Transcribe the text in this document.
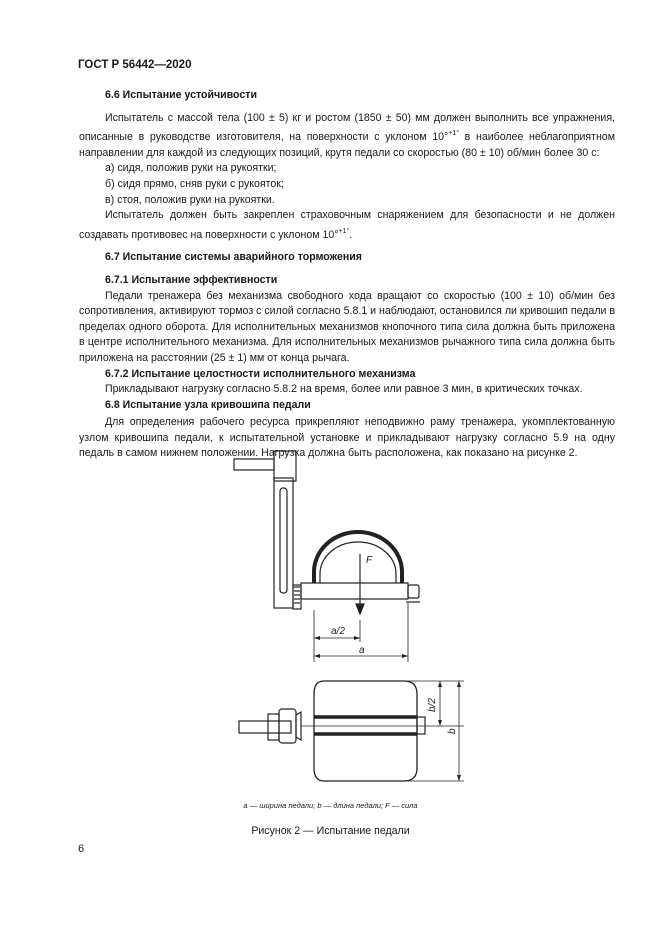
ГОСТ Р 56442—2020
6.6 Испытание устойчивости
Испытатель с массой тела (100 ± 5) кг и ростом (1850 ± 50) мм должен выполнить все упражнения, описанные в руководстве изготовителя, на поверхности с уклоном 10°$^{+1^\circ}$ в наиболее неблагоприятном направлении для каждой из следующих позиций, крутя педали со скоростью (80 ± 10) об/мин более 30 с:
а) сидя, положив руки на рукоятки;
б) сидя прямо, сняв руки с рукояток;
в) стоя, положив руки на рукоятки.
Испытатель должен быть закреплен страховочным снаряжением для безопасности и не должен создавать противовес на поверхности с уклоном 10°$^{+1^\circ}$.
6.7 Испытание системы аварийного торможения
6.7.1 Испытание эффективности
Педали тренажера без механизма свободного хода вращают со скоростью (100 ± 10) об/мин без сопротивления, активируют тормоз с силой согласно 5.8.1 и наблюдают, остановился ли кривошип педали в пределах одного оборота. Для исполнительных механизмов кнопочного типа сила должна быть приложена в центре исполнительного механизма. Для исполнительных механизмов рычажного типа сила должна быть приложена на расстоянии (25 ± 1) мм от конца рычага.
6.7.2 Испытание целостности исполнительного механизма
Прикладывают нагрузку согласно 5.8.2 на время, более или равное 3 мин, в критических точках.
6.8 Испытание узла кривошипа педали
Для определения рабочего ресурса прикрепляют неподвижно раму тренажера, укомплектованную узлом кривошипа педали, к испытательной установке и прикладывают нагрузку согласно 5.9 на одну педаль в самом нижнем положении. Нагрузка должна быть расположена, как показано на рисунке 2.
F
a/2
a
b/2
b
a — ширина педали; b — длина педали; F — сила
Рисунок 2 — Испытание педали
6
